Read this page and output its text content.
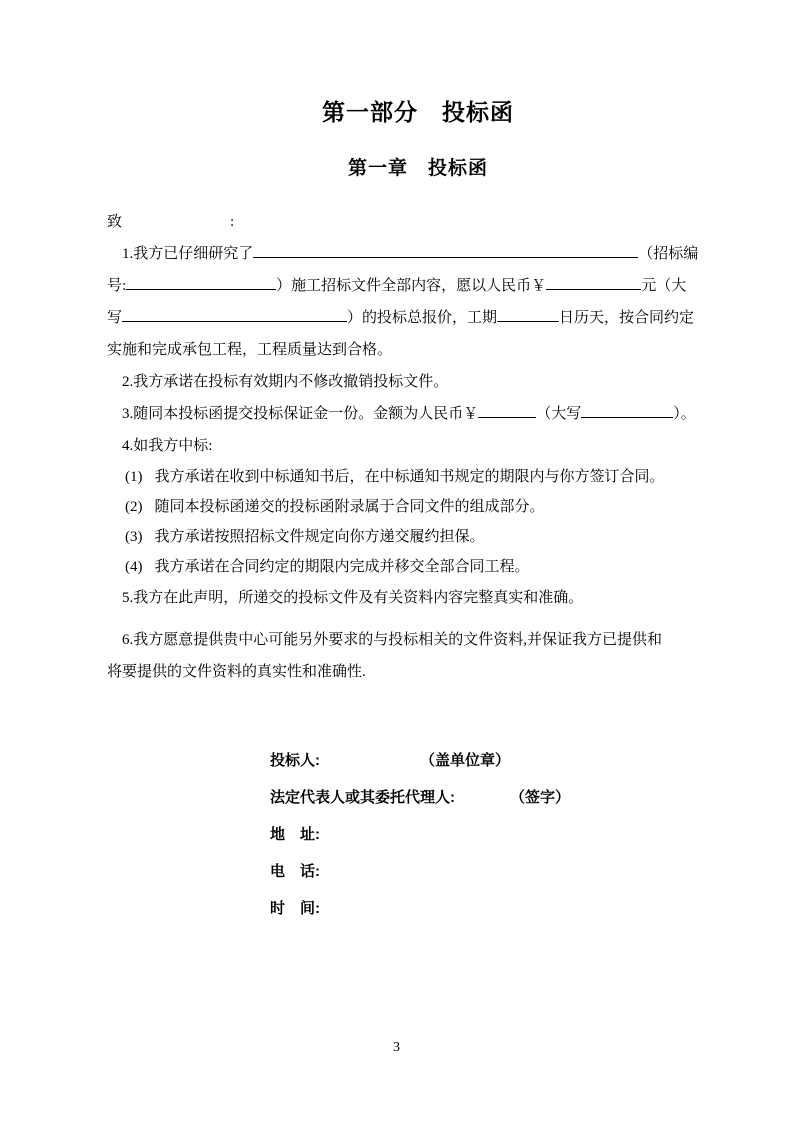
第一部分　投标函
第一章　投标函
致	:
1.我方已仔细研究了	（招标编
号:	）施工招标文件全部内容，愿以人民币￥	元（大
写	）的投标总报价，工期	日历天，按合同约定
实施和完成承包工程，工程质量达到合格。
2.我方承诺在投标有效期内不修改撤销投标文件。
3.随同本投标函提交投标保证金一份。金额为人民币￥	（大写	）。
4.如我方中标:
(1) 我方承诺在收到中标通知书后，在中标通知书规定的期限内与你方签订合同。
(2) 随同本投标函递交的投标函附录属于合同文件的组成部分。
(3) 我方承诺按照招标文件规定向你方递交履约担保。
(4) 我方承诺在合同约定的期限内完成并移交全部合同工程。
5.我方在此声明，所递交的投标文件及有关资料内容完整真实和准确。
6.我方愿意提供贵中心可能另外要求的与投标相关的文件资料,并保证我方已提供和
将要提供的文件资料的真实性和准确性.
投标人:	（盖单位章）
法定代表人或其委托代理人:	（签字）
地　址:
电　话:
时　间:
3
